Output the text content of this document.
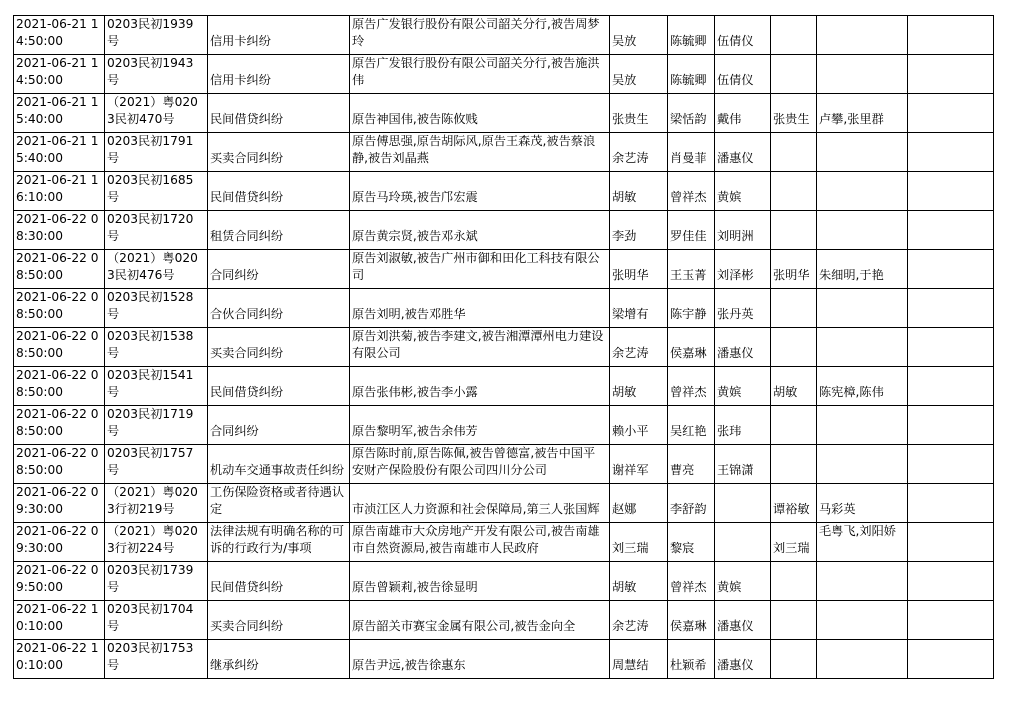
2021-06-21 14:50:00	0203民初1939号	信用卡纠纷	原告广发银行股份有限公司韶关分行,被告周梦玲	吴放	陈毓卿	伍倩仪			

2021-06-21 14:50:00	0203民初1943号	信用卡纠纷	原告广发银行股份有限公司韶关分行,被告施洪伟	吴放	陈毓卿	伍倩仪			

2021-06-21 15:40:00	（2021）粤0203民初470号	民间借贷纠纷	原告神国伟,被告陈攸贱	张贵生	梁恬韵	戴伟	张贵生	卢攀,张里群	

2021-06-21 15:40:00	0203民初1791号	买卖合同纠纷	原告傅思强,原告胡际风,原告王森茂,被告蔡浪静,被告刘晶燕	余艺涛	肖曼菲	潘惠仪			

2021-06-21 16:10:00	0203民初1685号	民间借贷纠纷	原告马玲瑛,被告邝宏震	胡敏	曾祥杰	黄嫔			

2021-06-22 08:30:00	0203民初1720号	租赁合同纠纷	原告黄宗贤,被告邓永斌	李劲	罗佳佳	刘明洲			

2021-06-22 08:50:00	（2021）粤0203民初476号	合同纠纷	原告刘淑敏,被告广州市御和田化工科技有限公司	张明华	王玉菁	刘泽彬	张明华	朱细明,于艳	

2021-06-22 08:50:00	0203民初1528号	合伙合同纠纷	原告刘明,被告邓胜华	梁增有	陈宇静	张丹英			

2021-06-22 08:50:00	0203民初1538号	买卖合同纠纷	原告刘洪菊,被告李建文,被告湘潭潭州电力建设有限公司	余艺涛	侯嘉琳	潘惠仪			

2021-06-22 08:50:00	0203民初1541号	民间借贷纠纷	原告张伟彬,被告李小露	胡敏	曾祥杰	黄嫔	胡敏	陈宪樟,陈伟	

2021-06-22 08:50:00	0203民初1719号	合同纠纷	原告黎明军,被告余伟芳	赖小平	吴红艳	张玮			

2021-06-22 08:50:00	0203民初1757号	机动车交通事故责任纠纷	原告陈时前,原告陈佩,被告曾德富,被告中国平安财产保险股份有限公司四川分公司	谢祥军	曹亮	王锦潇			

2021-06-22 09:30:00	（2021）粤0203行初219号	工伤保险资格或者待遇认定	市浈江区人力资源和社会保障局,第三人张国辉	赵娜	李舒韵		谭裕敏	马彩英	

2021-06-22 09:30:00	（2021）粤0203行初224号	法律法规有明确名称的可诉的行政行为/事项	原告南雄市大众房地产开发有限公司,被告南雄市自然资源局,被告南雄市人民政府	刘三瑞	黎宸		刘三瑞	毛粤飞,刘阳娇	

2021-06-22 09:50:00	0203民初1739号	民间借贷纠纷	原告曾颖莉,被告徐显明	胡敏	曾祥杰	黄嫔			

2021-06-22 10:10:00	0203民初1704号	买卖合同纠纷	原告韶关市赛宝金属有限公司,被告金向全	余艺涛	侯嘉琳	潘惠仪			

2021-06-22 10:10:00	0203民初1753号	继承纠纷	原告尹远,被告徐惠东	周慧结	杜颖希	潘惠仪			
